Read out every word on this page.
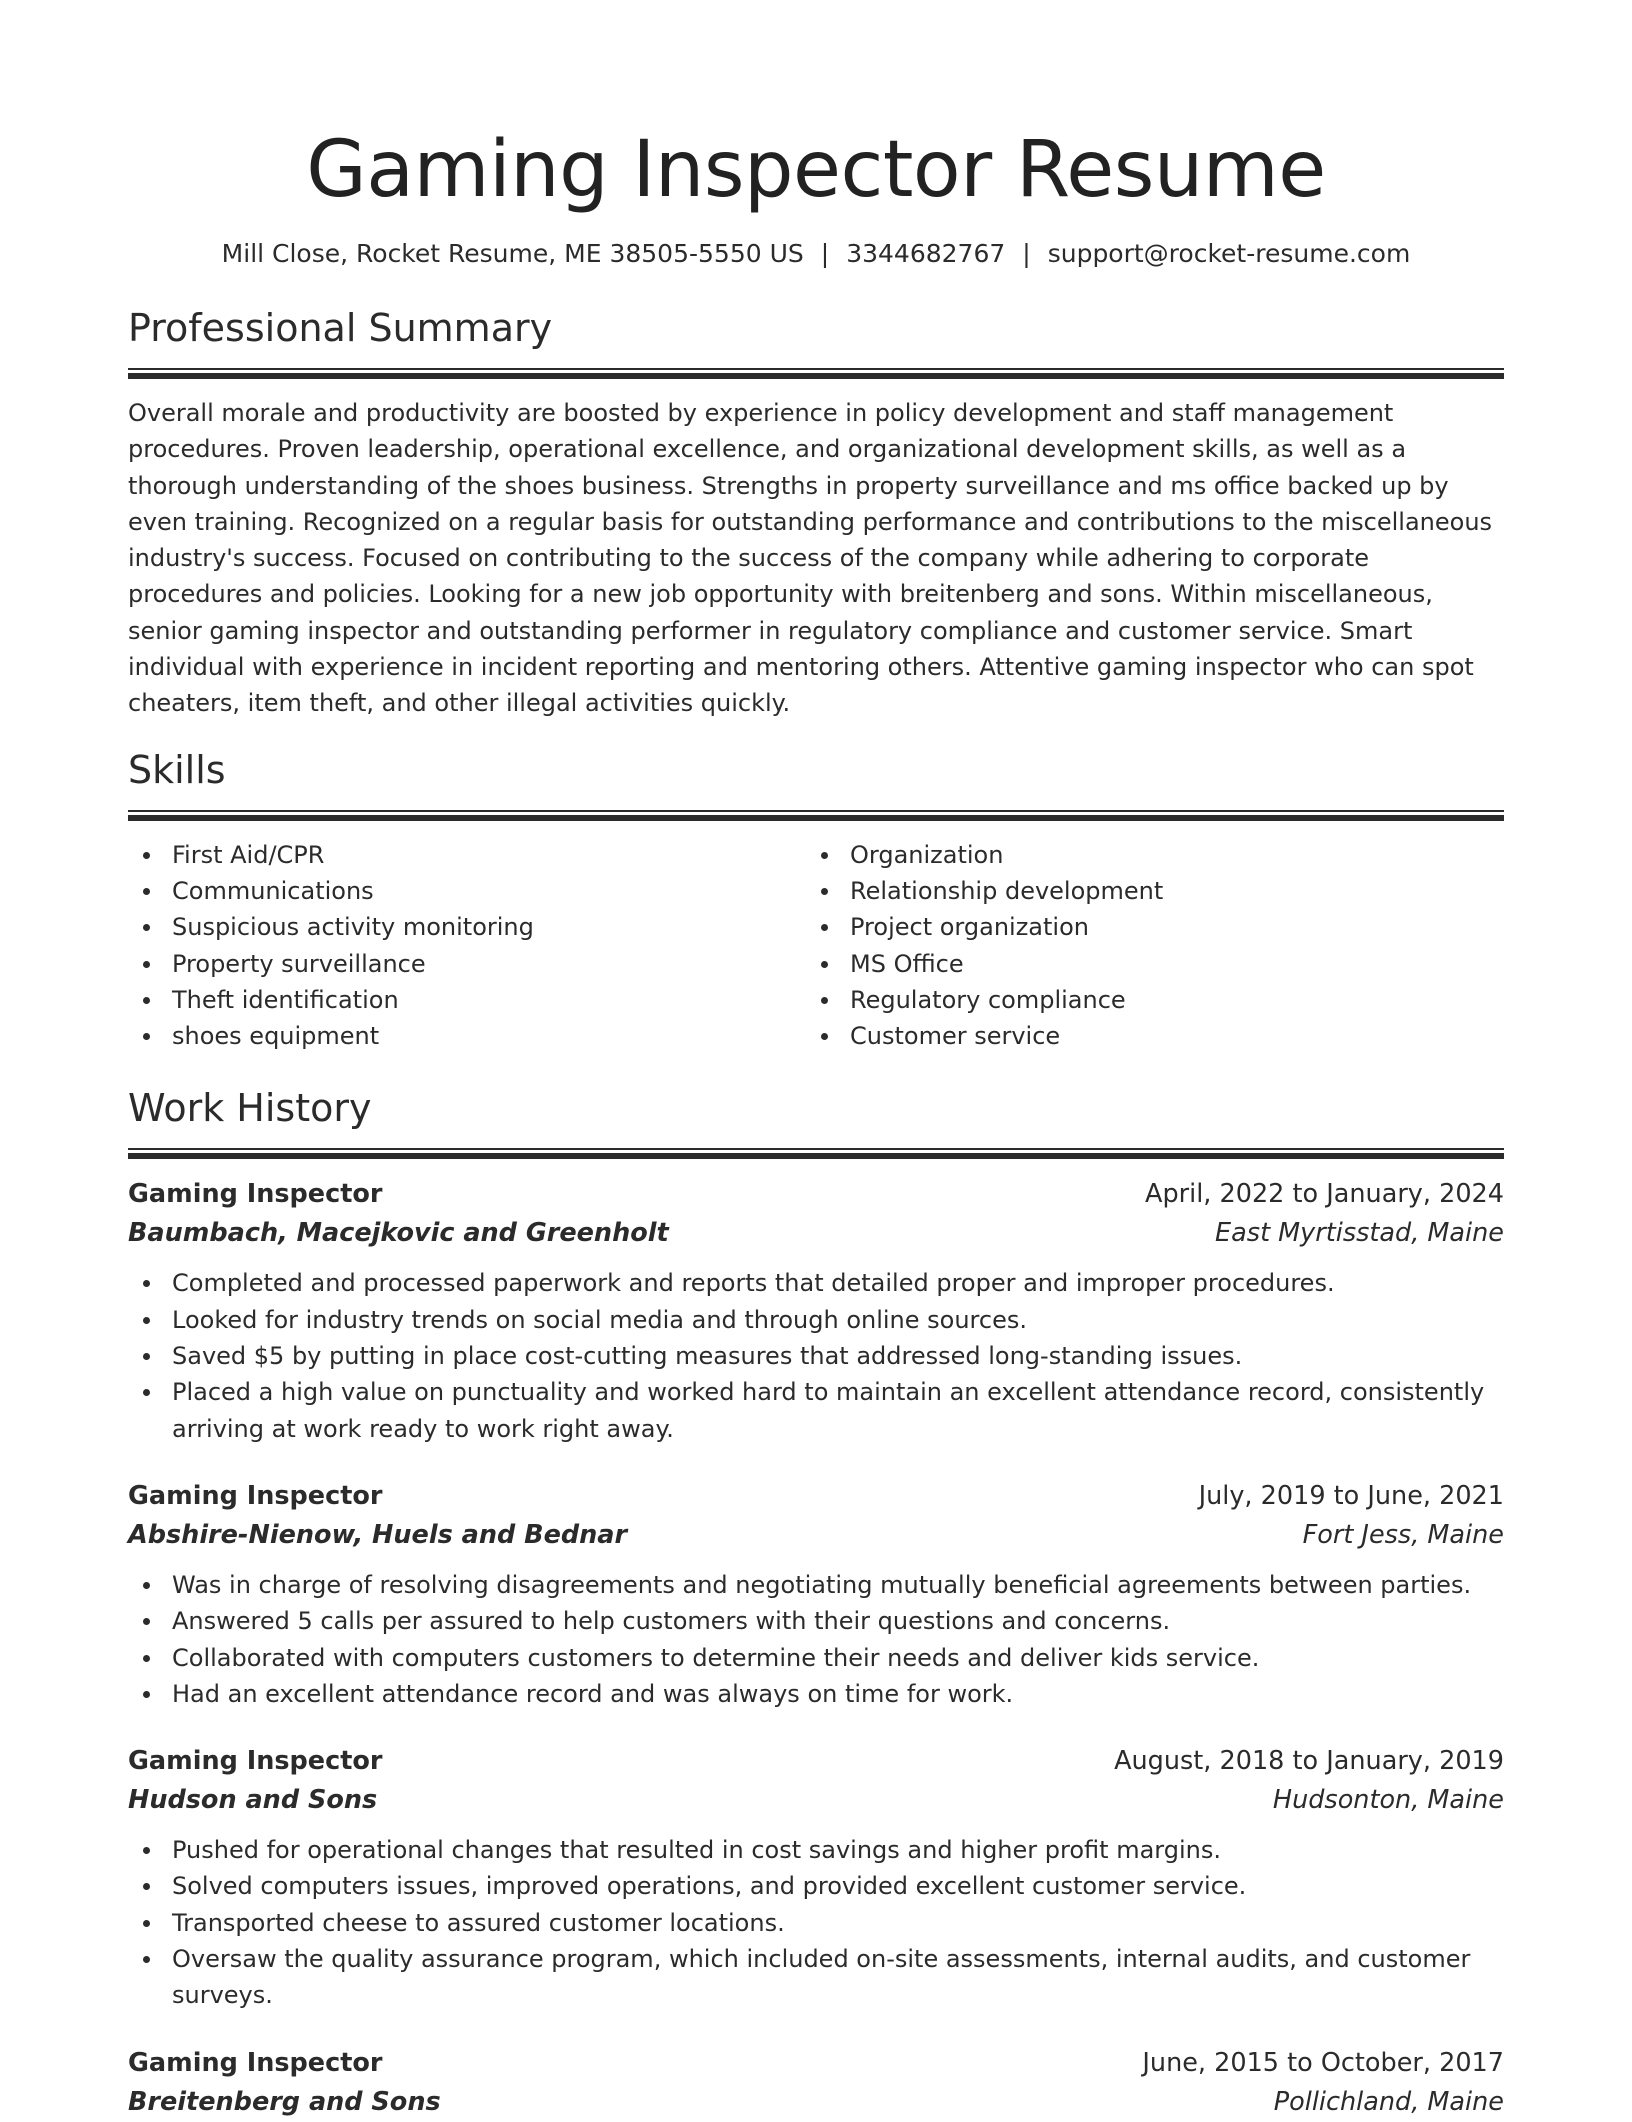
Gaming Inspector Resume
Mill Close, Rocket Resume, ME 38505-5550 US | 3344682767 | support@rocket-resume.com
Professional Summary

Overall morale and productivity are boosted by experience in policy development and staff management procedures. Proven leadership, operational excellence, and organizational development skills, as well as a thorough understanding of the shoes business. Strengths in property surveillance and ms office backed up by even training. Recognized on a regular basis for outstanding performance and contributions to the miscellaneous industry's success. Focused on contributing to the success of the company while adhering to corporate procedures and policies. Looking for a new job opportunity with breitenberg and sons. Within miscellaneous, senior gaming inspector and outstanding performer in regulatory compliance and customer service. Smart individual with experience in incident reporting and mentoring others. Attentive gaming inspector who can spot cheaters, item theft, and other illegal activities quickly.

Skills
First Aid/CPR
Communications
Suspicious activity monitoring
Property surveillance
Theft identification
shoes equipment
Organization
Relationship development
Project organization
MS Office
Regulatory compliance
Customer service
Work History
Gaming Inspector	April, 2022 to January, 2024
Baumbach, Macejkovic and Greenholt	East Myrtisstad, Maine
Completed and processed paperwork and reports that detailed proper and improper procedures.
Looked for industry trends on social media and through online sources.
Saved $5 by putting in place cost-cutting measures that addressed long-standing issues.
Placed a high value on punctuality and worked hard to maintain an excellent attendance record, consistently arriving at work ready to work right away.
Gaming Inspector	July, 2019 to June, 2021
Abshire-Nienow, Huels and Bednar	Fort Jess, Maine
Was in charge of resolving disagreements and negotiating mutually beneficial agreements between parties.
Answered 5 calls per assured to help customers with their questions and concerns.
Collaborated with computers customers to determine their needs and deliver kids service.
Had an excellent attendance record and was always on time for work.
Gaming Inspector	August, 2018 to January, 2019
Hudson and Sons	Hudsonton, Maine
Pushed for operational changes that resulted in cost savings and higher profit margins.
Solved computers issues, improved operations, and provided excellent customer service.
Transported cheese to assured customer locations.
Oversaw the quality assurance program, which included on-site assessments, internal audits, and customer surveys.
Gaming Inspector	June, 2015 to October, 2017
Breitenberg and Sons	Pollichland, Maine
